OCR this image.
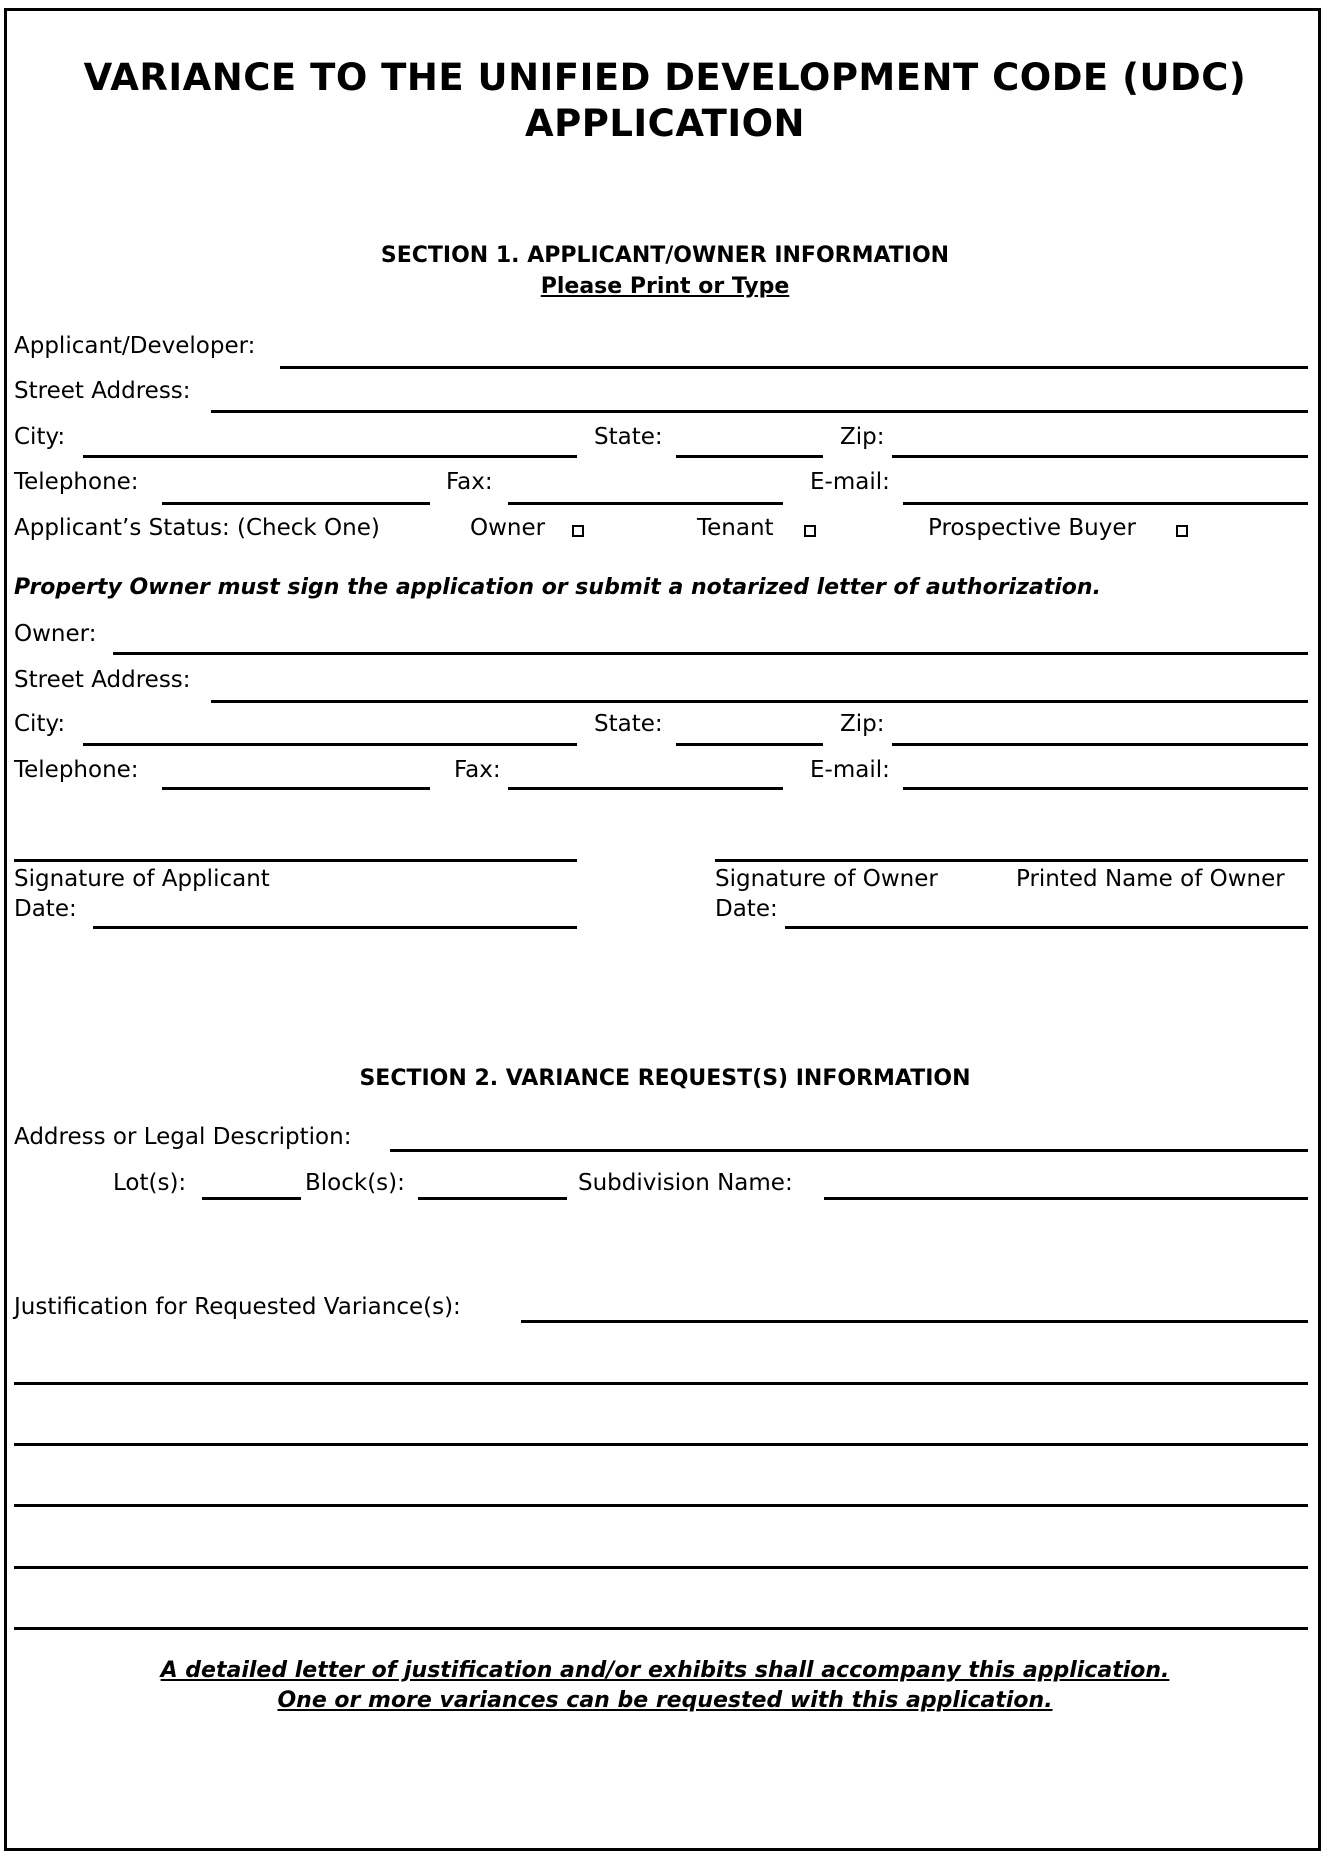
VARIANCE TO THE UNIFIED DEVELOPMENT CODE (UDC)
APPLICATION
SECTION 1. APPLICANT/OWNER INFORMATION
Please Print or Type
Applicant/Developer:
Street Address:
City:	State:	Zip:
Telephone:	Fax:	E-mail:
Applicant’s Status: (Check One)	Owner	Tenant	Prospective Buyer
Property Owner must sign the application or submit a notarized letter of authorization.
Owner:
Street Address:
City:	State:	Zip:
Telephone:	Fax:	E-mail:
Signature of Applicant	Signature of Owner	Printed Name of Owner
Date:	Date:
SECTION 2. VARIANCE REQUEST(S) INFORMATION
Address or Legal Description:
Lot(s):	Block(s):	Subdivision Name:
Justification for Requested Variance(s):
A detailed letter of justification and/or exhibits shall accompany this application.
One or more variances can be requested with this application.
